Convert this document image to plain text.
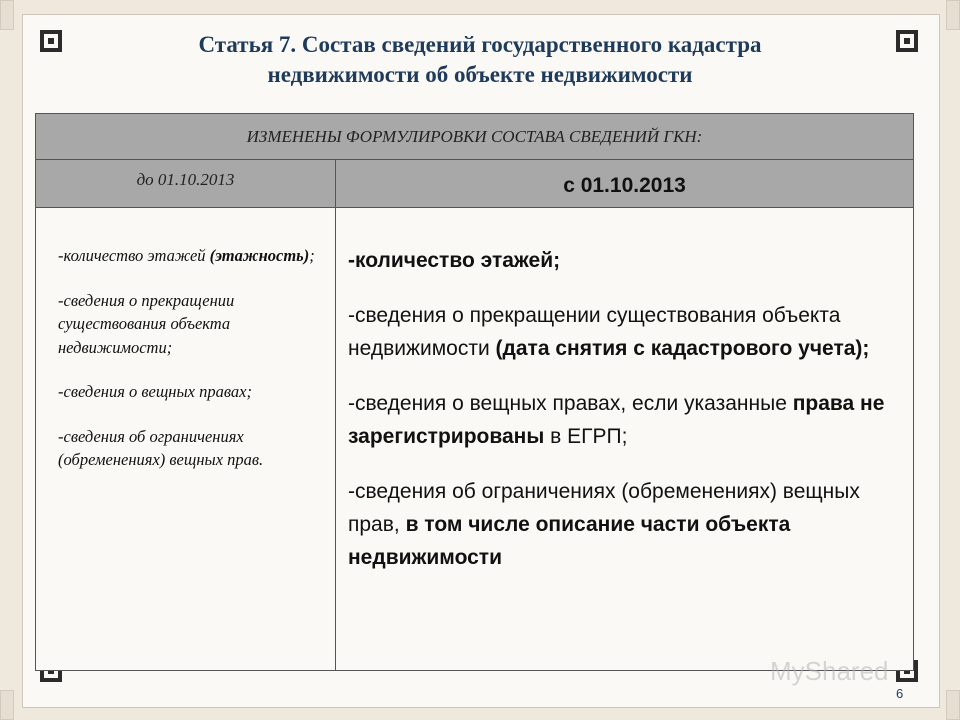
Статья 7. Состав сведений государственного кадастра
недвижимости об объекте недвижимости
ИЗМЕНЕНЫ ФОРМУЛИРОВКИ СОСТАВА СВЕДЕНИЙ ГКН:
до 01.10.2013	с 01.10.2013

-количество этажей (этажность);

-сведения о прекращении существования объекта недвижимости;

-сведения о вещных правах;

-сведения об ограничениях (обременениях) вещных прав.

-количество этажей;

-сведения о прекращении существования объекта недвижимости (дата снятия с кадастрового учета);

-сведения о вещных правах, если указанные права не зарегистрированы в ЕГРП;

-сведения об ограничениях (обременениях) вещных прав, в том числе описание части объекта недвижимости

MyShared
6
